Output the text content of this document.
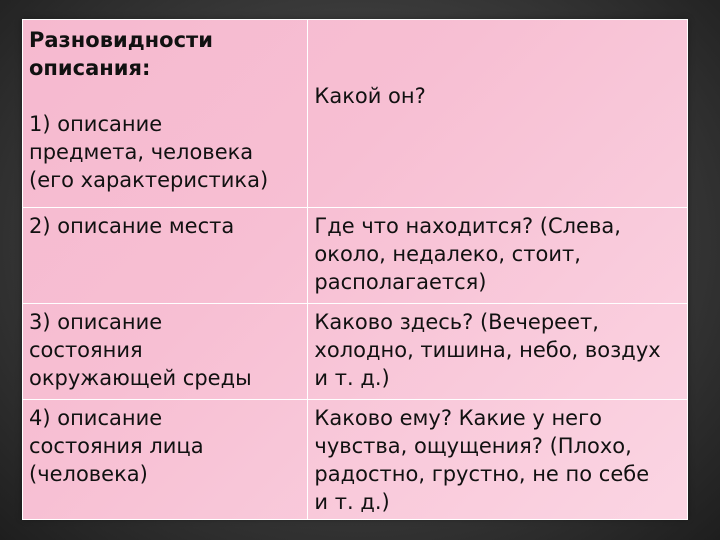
Разновидности
описания:
1) описание
предмета, человека
(его характеристика)	Какой он?

2) описание места	Где что находится? (Слева,
около, недалеко, стоит,
располагается)

3) описание
состояния
окружающей среды	Каково здесь? (Вечереет,
холодно, тишина, небо, воздух
и т. д.)

4) описание
состояния лица
(человека)	Каково ему? Какие у него
чувства, ощущения? (Плохо,
радостно, грустно, не по себе
и т. д.)
